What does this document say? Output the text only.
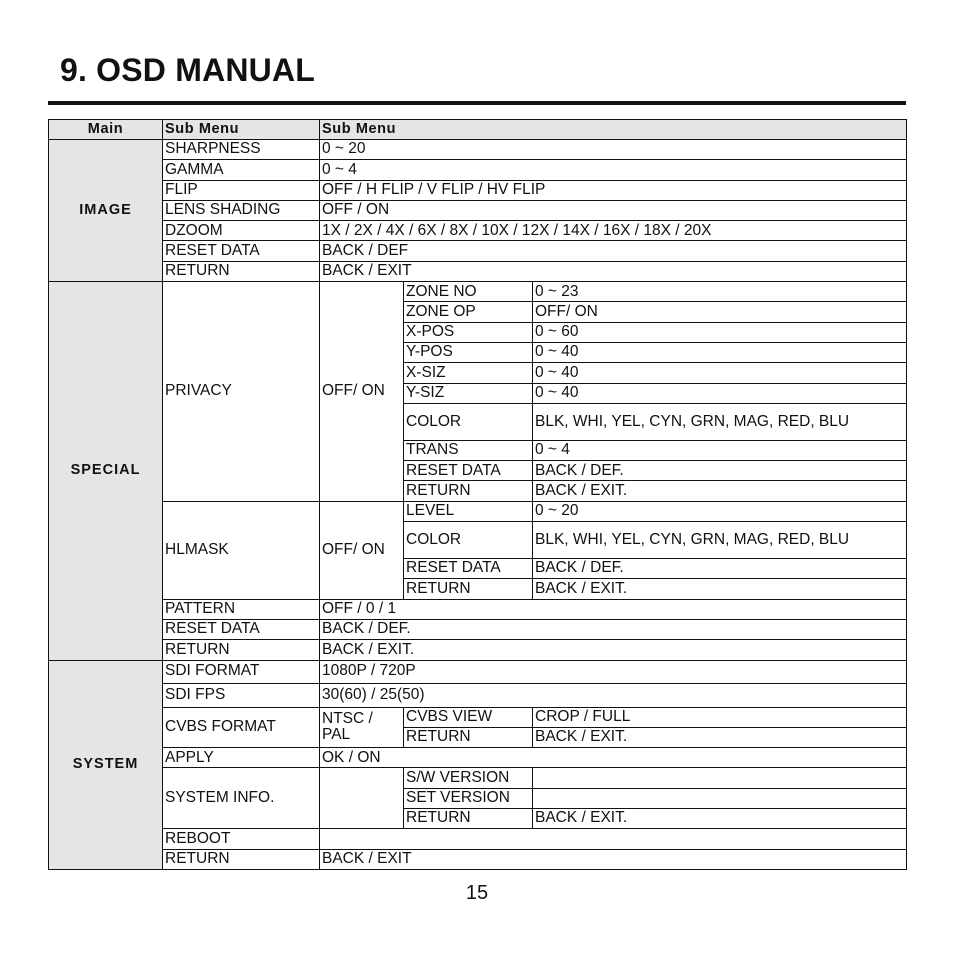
9. OSD MANUAL
Main	Sub Menu	Sub Menu		
IMAGE	SHARPNESS	0 ~ 20		
	GAMMA	0 ~ 4		
	FLIP	OFF / H FLIP / V FLIP / HV FLIP		
	LENS SHADING	OFF / ON		
	DZOOM	1X / 2X / 4X / 6X / 8X / 10X / 12X / 14X / 16X / 18X / 20X		
	RESET DATA	BACK / DEF		
	RETURN	BACK / EXIT		
SPECIAL	PRIVACY	OFF/ ON	ZONE NO	0 ~ 23
			ZONE OP	OFF/ ON
			X-POS	0 ~ 60
			Y-POS	0 ~ 40
			X-SIZ	0 ~ 40
			Y-SIZ	0 ~ 40
			COLOR	BLK, WHI, YEL, CYN, GRN, MAG, RED, BLU
			TRANS	0 ~ 4
			RESET DATA	BACK / DEF.
			RETURN	BACK / EXIT.
	HLMASK	OFF/ ON	LEVEL	0 ~ 20
			COLOR	BLK, WHI, YEL, CYN, GRN, MAG, RED, BLU
			RESET DATA	BACK / DEF.
			RETURN	BACK / EXIT.
	PATTERN	OFF / 0 / 1		
	RESET DATA	BACK / DEF.		
	RETURN	BACK / EXIT.		
SYSTEM	SDI FORMAT	1080P / 720P		
	SDI FPS	30(60) / 25(50)		
	CVBS FORMAT	NTSC / PAL	CVBS VIEW	CROP / FULL
			RETURN	BACK / EXIT.
	APPLY	OK / ON		
	SYSTEM INFO.		S/W VERSION	
			SET VERSION	
			RETURN	BACK / EXIT.
	REBOOT			
	RETURN	BACK / EXIT		
15
